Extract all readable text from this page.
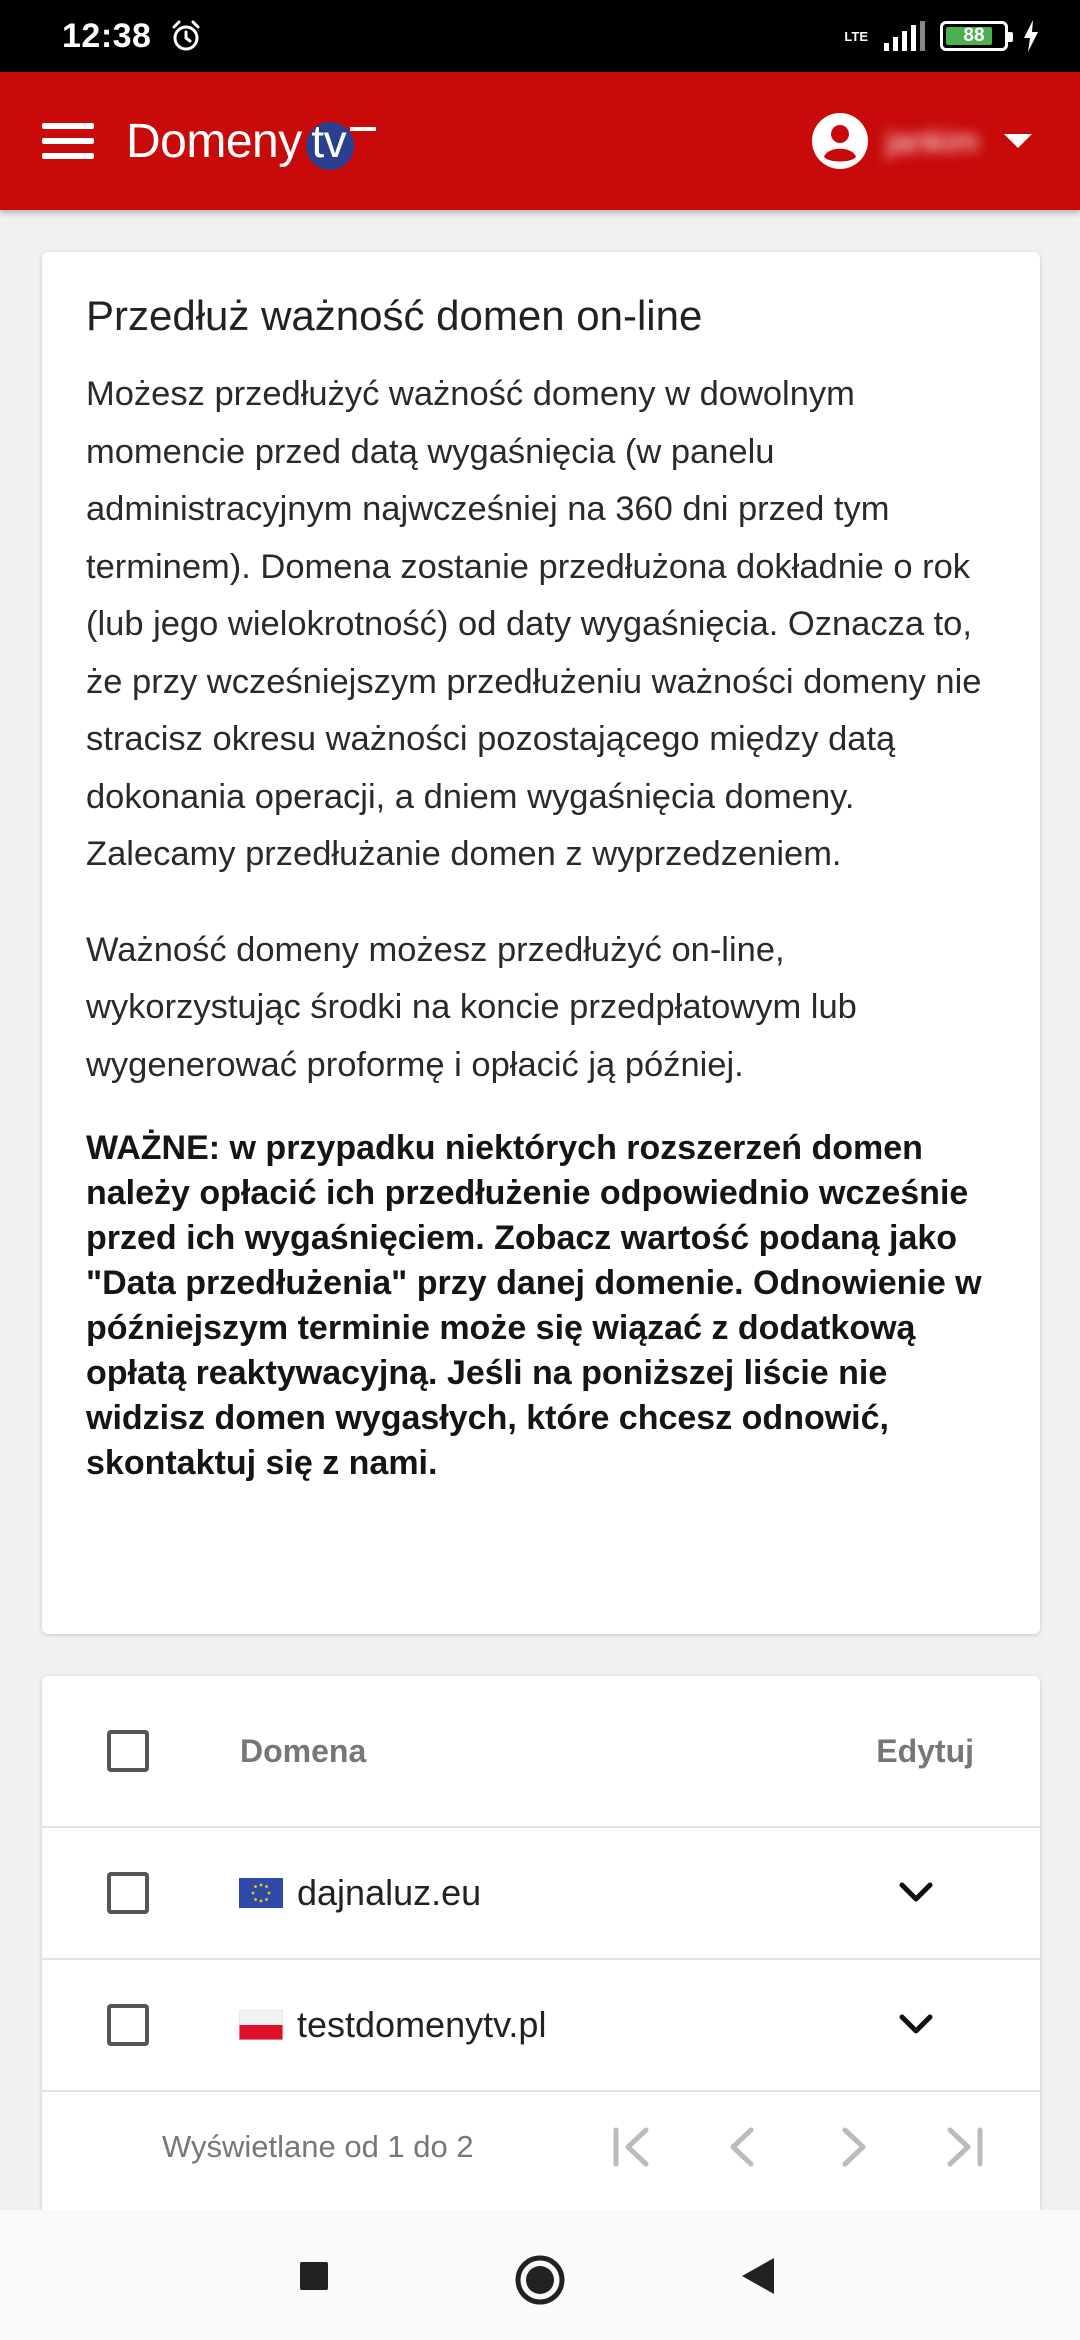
12:38	LTE	88
Domeny tv	jankim
Przedłuż ważność domen on-line

Możesz przedłużyć ważność domeny w dowolnym momencie przed datą wygaśnięcia (w panelu administracyjnym najwcześniej na 360 dni przed tym terminem). Domena zostanie przedłużona dokładnie o rok (lub jego wielokrotność) od daty wygaśnięcia. Oznacza to, że przy wcześniejszym przedłużeniu ważności domeny nie stracisz okresu ważności pozostającego między datą dokonania operacji, a dniem wygaśnięcia domeny. Zalecamy przedłużanie domen z wyprzedzeniem.

Ważność domeny możesz przedłużyć on-line, wykorzystując środki na koncie przedpłatowym lub wygenerować proformę i opłacić ją później.

WAŻNE: w przypadku niektórych rozszerzeń domen należy opłacić ich przedłużenie odpowiednio wcześnie przed ich wygaśnięciem. Zobacz wartość podaną jako "Data przedłużenia" przy danej domenie. Odnowienie w późniejszym terminie może się wiązać z dodatkową opłatą reaktywacyjną. Jeśli na poniższej liście nie widzisz domen wygasłych, które chcesz odnowić, skontaktuj się z nami.

Domena	Edytuj
dajnaluz.eu
testdomenytv.pl
Wyświetlane od 1 do 2
